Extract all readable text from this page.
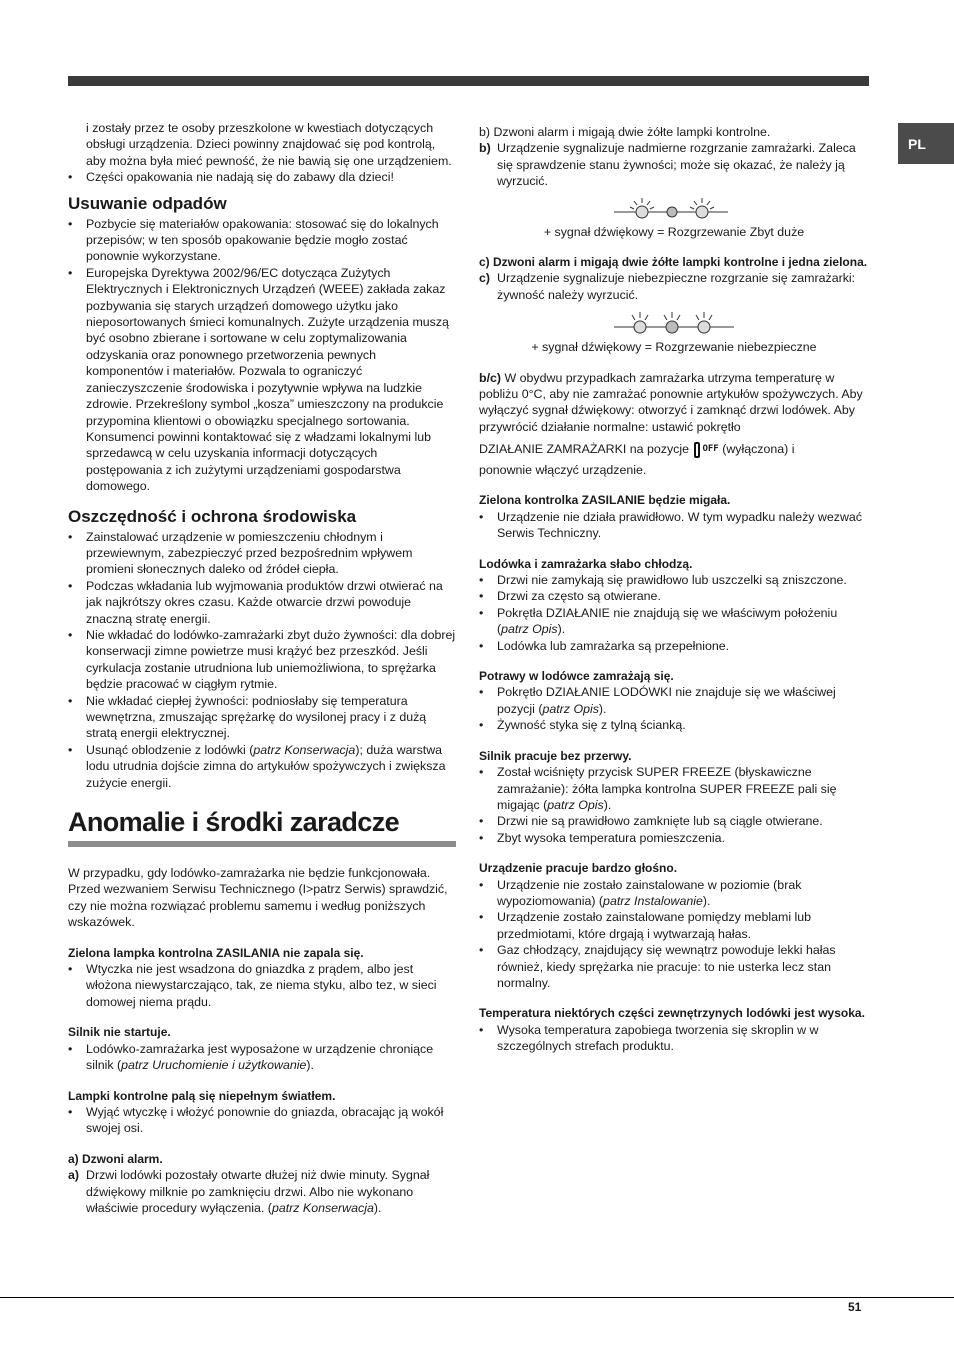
PL

i zostały przez te osoby przeszkolone w kwestiach dotyczących obsługi urządzenia. Dzieci powinny znajdować się pod kontrolą, aby można była mieć pewność, że nie bawią się one urządzeniem.

• Części opakowania nie nadają się do zabawy dla dzieci!
Usuwanie odpadów
• Pozbycie się materiałów opakowania: stosować się do lokalnych przepisów; w ten sposób opakowanie będzie mogło zostać ponownie wykorzystane.
• Europejska Dyrektywa 2002/96/EC dotycząca Zużytych Elektrycznych i Elektronicznych Urządzeń (WEEE) zakłada zakaz pozbywania się starych urządzeń domowego użytku jako nieposortowanych śmieci komunalnych. Zużyte urządzenia muszą być osobno zbierane i sortowane w celu zoptymalizowania odzyskania oraz ponownego przetworzenia pewnych komponentów i materiałów. Pozwala to ograniczyć zanieczyszczenie środowiska i pozytywnie wpływa na ludzkie zdrowie. Przekreślony symbol „kosza” umieszczony na produkcie przypomina klientowi o obowiązku specjalnego sortowania.
Konsumenci powinni kontaktować się z władzami lokalnymi lub sprzedawcą w celu uzyskania informacji dotyczących postępowania z ich zużytymi urządzeniami gospodarstwa domowego.
Oszczędność i ochrona środowiska
• Zainstalować urządzenie w pomieszczeniu chłodnym i przewiewnym, zabezpieczyć przed bezpośrednim wpływem promieni słonecznych daleko od źródeł ciepła.
• Podczas wkładania lub wyjmowania produktów drzwi otwierać na jak najkrótszy okres czasu. Każde otwarcie drzwi powoduje znaczną stratę energii.
• Nie wkładać do lodówko-zamrażarki zbyt dużo żywności: dla dobrej konserwacji zimne powietrze musi krążyć bez przeszkód. Jeśli cyrkulacja zostanie utrudniona lub uniemożliwiona, to sprężarka będzie pracować w ciągłym rytmie.
• Nie wkładać ciepłej żywności: podniosłaby się temperatura wewnętrzna, zmuszając sprężarkę do wysilonej pracy i z dużą stratą energii elektrycznej.
• Usunąć oblodzenie z lodówki (patrz Konserwacja); duża warstwa lodu utrudnia dojście zimna do artykułów spożywczych i zwiększa zużycie energii.
Anomalie i środki zaradcze

W przypadku, gdy lodówko-zamrażarka nie będzie funkcjonowała. Przed wezwaniem Serwisu Technicznego (I>patrz Serwis) sprawdzić, czy nie można rozwiązać problemu samemu i według poniższych wskazówek.

Zielona lampka kontrolna ZASILANIA nie zapala się.

• Wtyczka nie jest wsadzona do gniazdka z prądem, albo jest włożona niewystarczająco, tak, ze niema styku, albo tez, w sieci domowej niema prądu.

Silnik nie startuje.

• Lodówko-zamrażarka jest wyposażone w urządzenie chroniące silnik (patrz Uruchomienie i użytkowanie).

Lampki kontrolne palą się niepełnym światłem.

• Wyjąć wtyczkę i włożyć ponownie do gniazda, obracając ją wokół swojej osi.

a) Dzwoni alarm.

a) Drzwi lodówki pozostały otwarte dłużej niż dwie minuty. Sygnał dźwiękowy milknie po zamknięciu drzwi. Albo nie wykonano właściwie procedury wyłączenia. (patrz Konserwacja).

b) Dzwoni alarm i migają dwie żółte lampki kontrolne.

b) Urządzenie sygnalizuje nadmierne rozgrzanie zamrażarki. Zaleca się sprawdzenie stanu żywności; może się okazać, że należy ją wyrzucić.

+ sygnał dźwiękowy = Rozgrzewanie Zbyt duże

c) Dzwoni alarm i migają dwie żółte lampki kontrolne i jedna zielona.

c) Urządzenie sygnalizuje niebezpieczne rozgrzanie się zamrażarki: żywność należy wyrzucić.

+ sygnał dźwiękowy = Rozgrzewanie niebezpieczne

b/c) W obydwu przypadkach zamrażarka utrzyma temperaturę w pobliżu 0°C, aby nie zamrażać ponownie artykułów spożywczych. Aby wyłączyć sygnał dźwiękowy: otworzyć i zamknąć drzwi lodówek. Aby przywrócić działanie normalne: ustawić pokrętło

DZIAŁANIE ZAMRAŻARKI na pozycje $^{OFF}$ (wyłączona) i

ponownie włączyć urządzenie.

Zielona kontrolka ZASILANIE będzie migała.

• Urządzenie nie działa prawidłowo. W tym wypadku należy wezwać Serwis Techniczny.

Lodówka i zamrażarka słabo chłodzą.

• Drzwi nie zamykają się prawidłowo lub uszczelki są zniszczone.
• Drzwi za często są otwierane.
• Pokrętła DZIAŁANIE nie znajdują się we właściwym położeniu (patrz Opis).
• Lodówka lub zamrażarka są przepełnione.

Potrawy w lodówce zamrażają się.

• Pokrętło DZIAŁANIE LODÓWKI nie znajduje się we właściwej pozycji (patrz Opis).
• Żywność styka się z tylną ścianką.

Silnik pracuje bez przerwy.

• Został wciśnięty przycisk SUPER FREEZE (błyskawiczne zamrażanie): żółta lampka kontrolna SUPER FREEZE pali się migając (patrz Opis).
• Drzwi nie są prawidłowo zamknięte lub są ciągle otwierane.
• Zbyt wysoka temperatura pomieszczenia.

Urządzenie pracuje bardzo głośno.

• Urządzenie nie zostało zainstalowane w poziomie (brak wypoziomowania) (patrz Instalowanie).
• Urządzenie zostało zainstalowane pomiędzy meblami lub przedmiotami, które drgają i wytwarzają hałas.
• Gaz chłodzący, znajdujący się wewnątrz powoduje lekki hałas również, kiedy sprężarka nie pracuje: to nie usterka lecz stan normalny.

Temperatura niektórych części zewnętrzynych lodówki jest wysoka.

• Wysoka temperatura zapobiega tworzenia się skroplin w w szczególnych strefach produktu.
51
